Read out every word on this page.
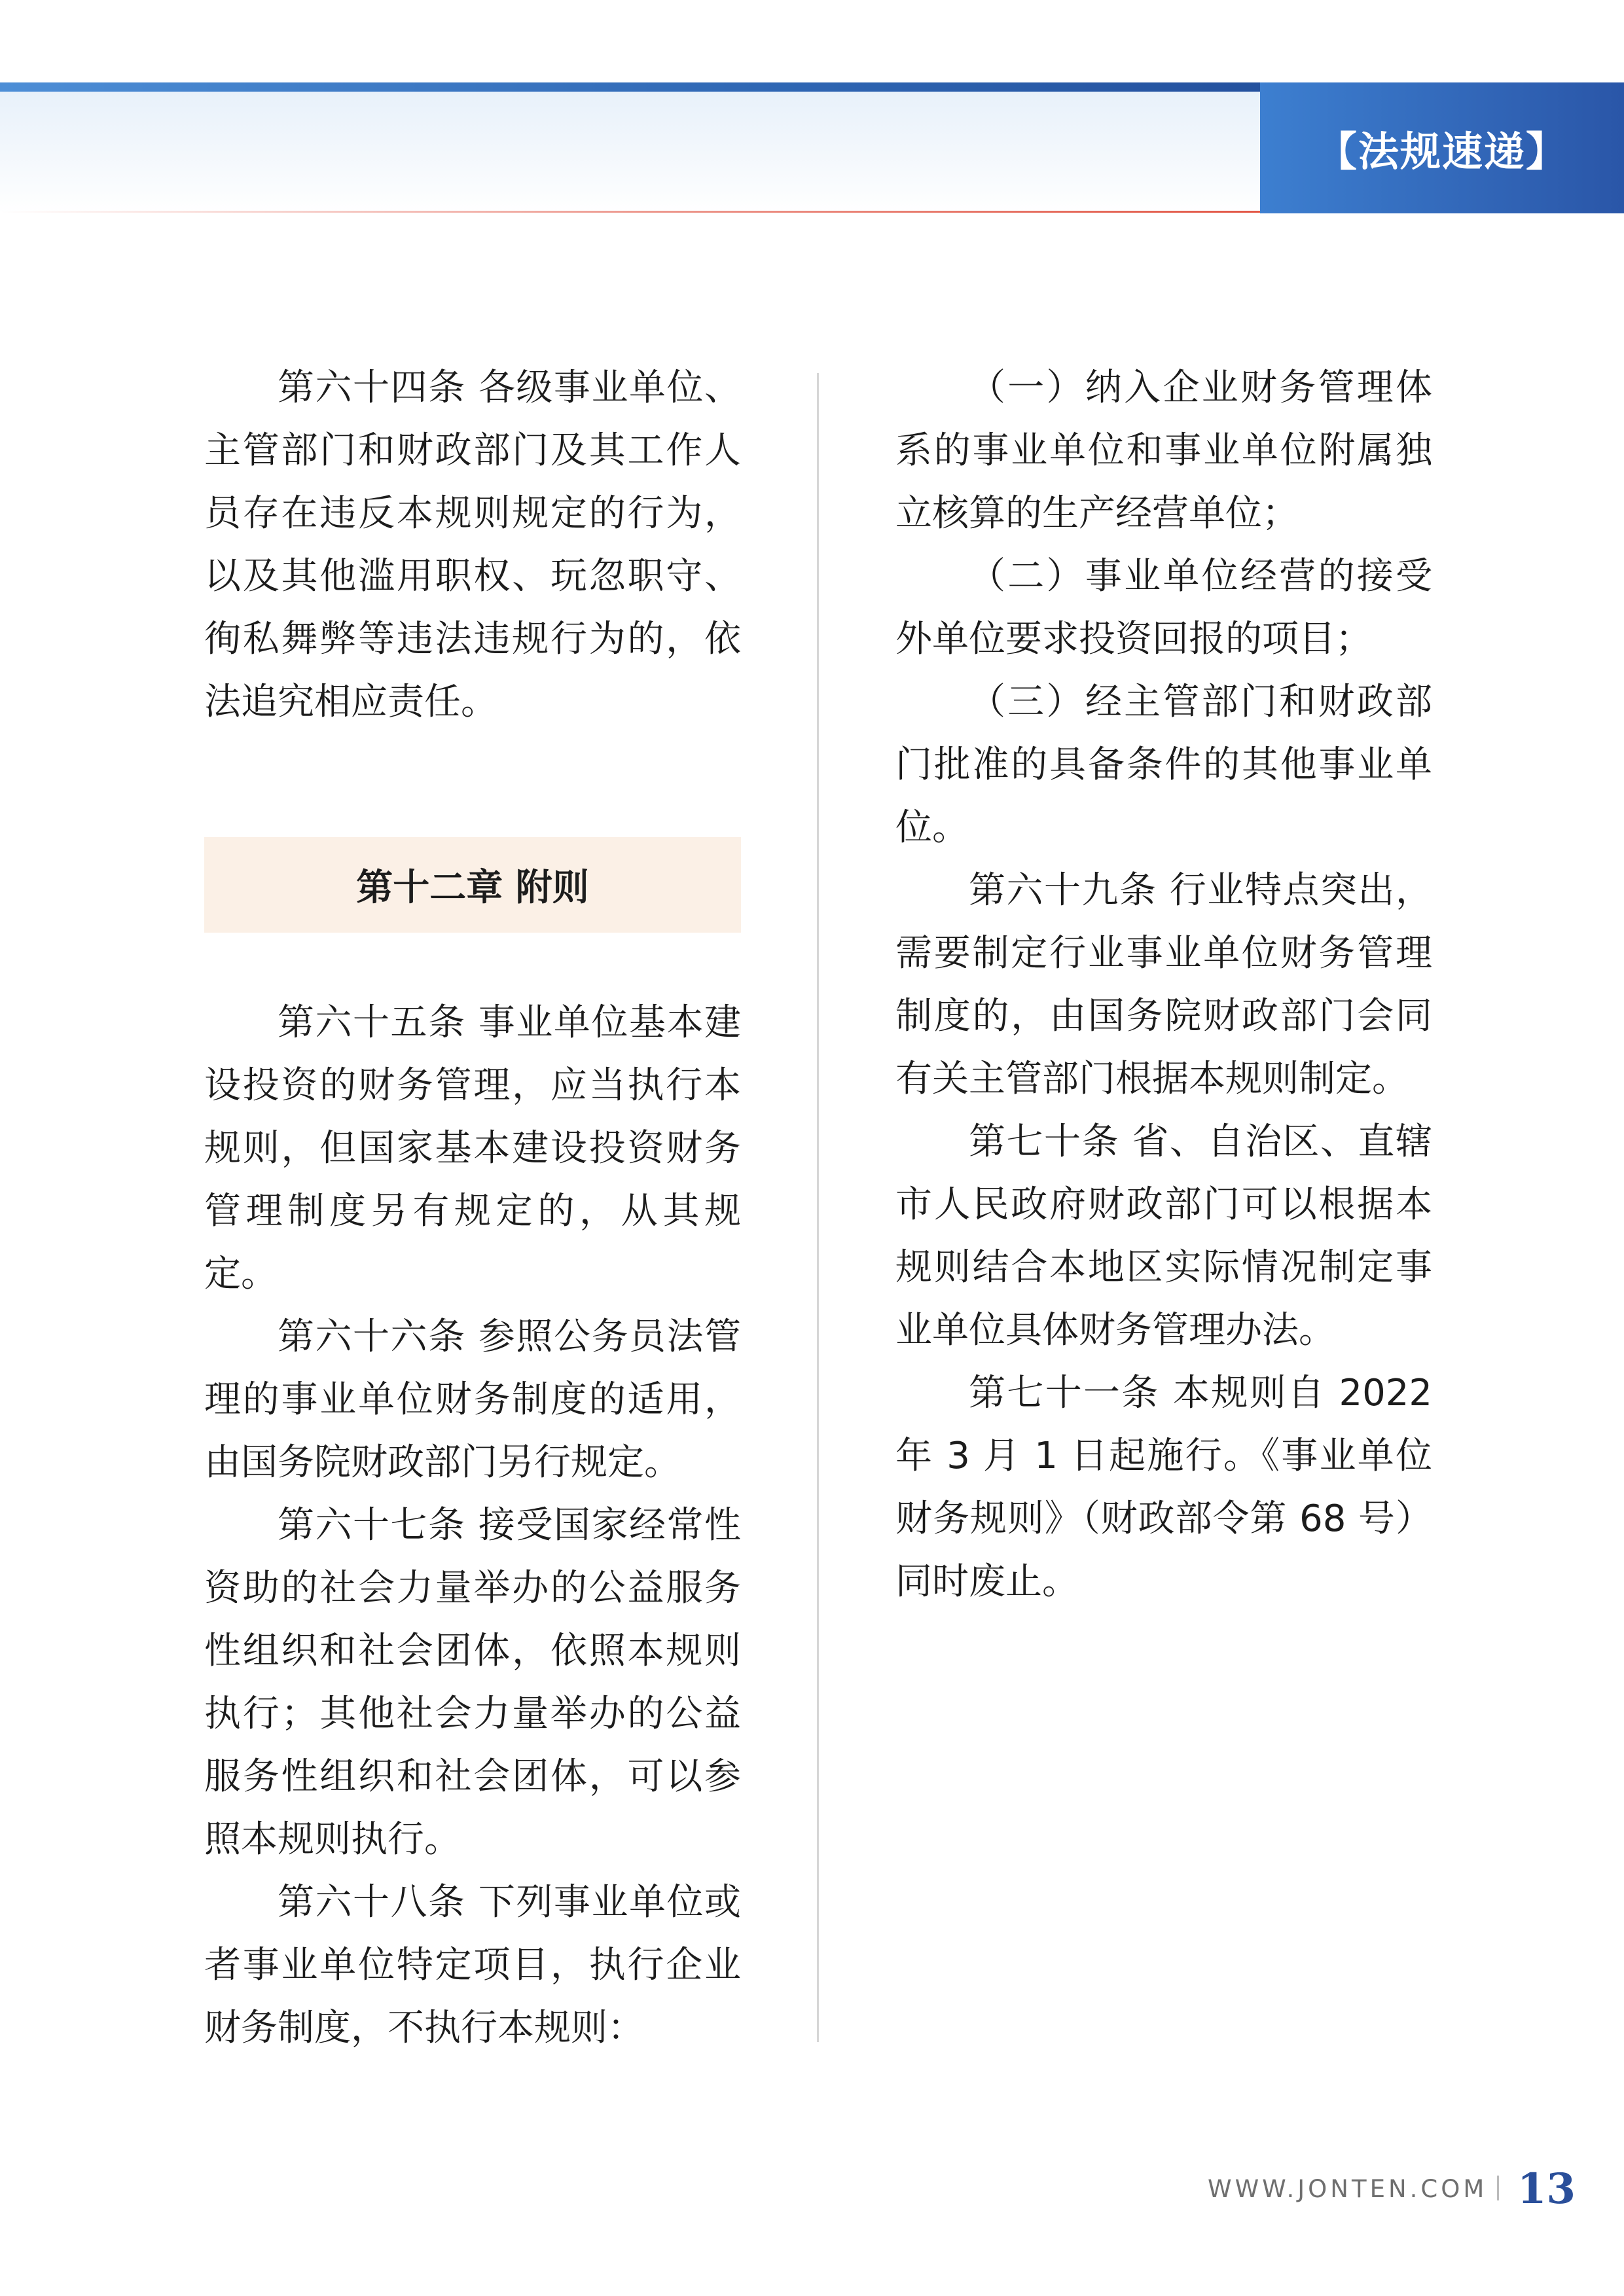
【法规速递】

第六十四条 各级事业单位、主管部门和财政部门及其工作人员存在违反本规则规定的行为，以及其他滥用职权、玩忽职守、徇私舞弊等违法违规行为的，依法追究相应责任。

第十二章 附则

第六十五条 事业单位基本建设投资的财务管理，应当执行本规则，但国家基本建设投资财务管理制度另有规定的，从其规定。

第六十六条 参照公务员法管理的事业单位财务制度的适用，由国务院财政部门另行规定。

第六十七条 接受国家经常性资助的社会力量举办的公益服务性组织和社会团体，依照本规则执行；其他社会力量举办的公益服务性组织和社会团体，可以参照本规则执行。

第六十八条 下列事业单位或者事业单位特定项目，执行企业财务制度，不执行本规则：

（一）纳入企业财务管理体系的事业单位和事业单位附属独立核算的生产经营单位；

（二）事业单位经营的接受外单位要求投资回报的项目；

（三）经主管部门和财政部门批准的具备条件的其他事业单位。

第六十九条 行业特点突出，需要制定行业事业单位财务管理制度的，由国务院财政部门会同有关主管部门根据本规则制定。

第七十条 省、自治区、直辖市人民政府财政部门可以根据本规则结合本地区实际情况制定事业单位具体财务管理办法。

第七十一条 本规则自 2022 年 3 月 1 日起施行。《事业单位财务规则》（财政部令第 68 号）同时废止。

WWW.JONTEN.COM 13
